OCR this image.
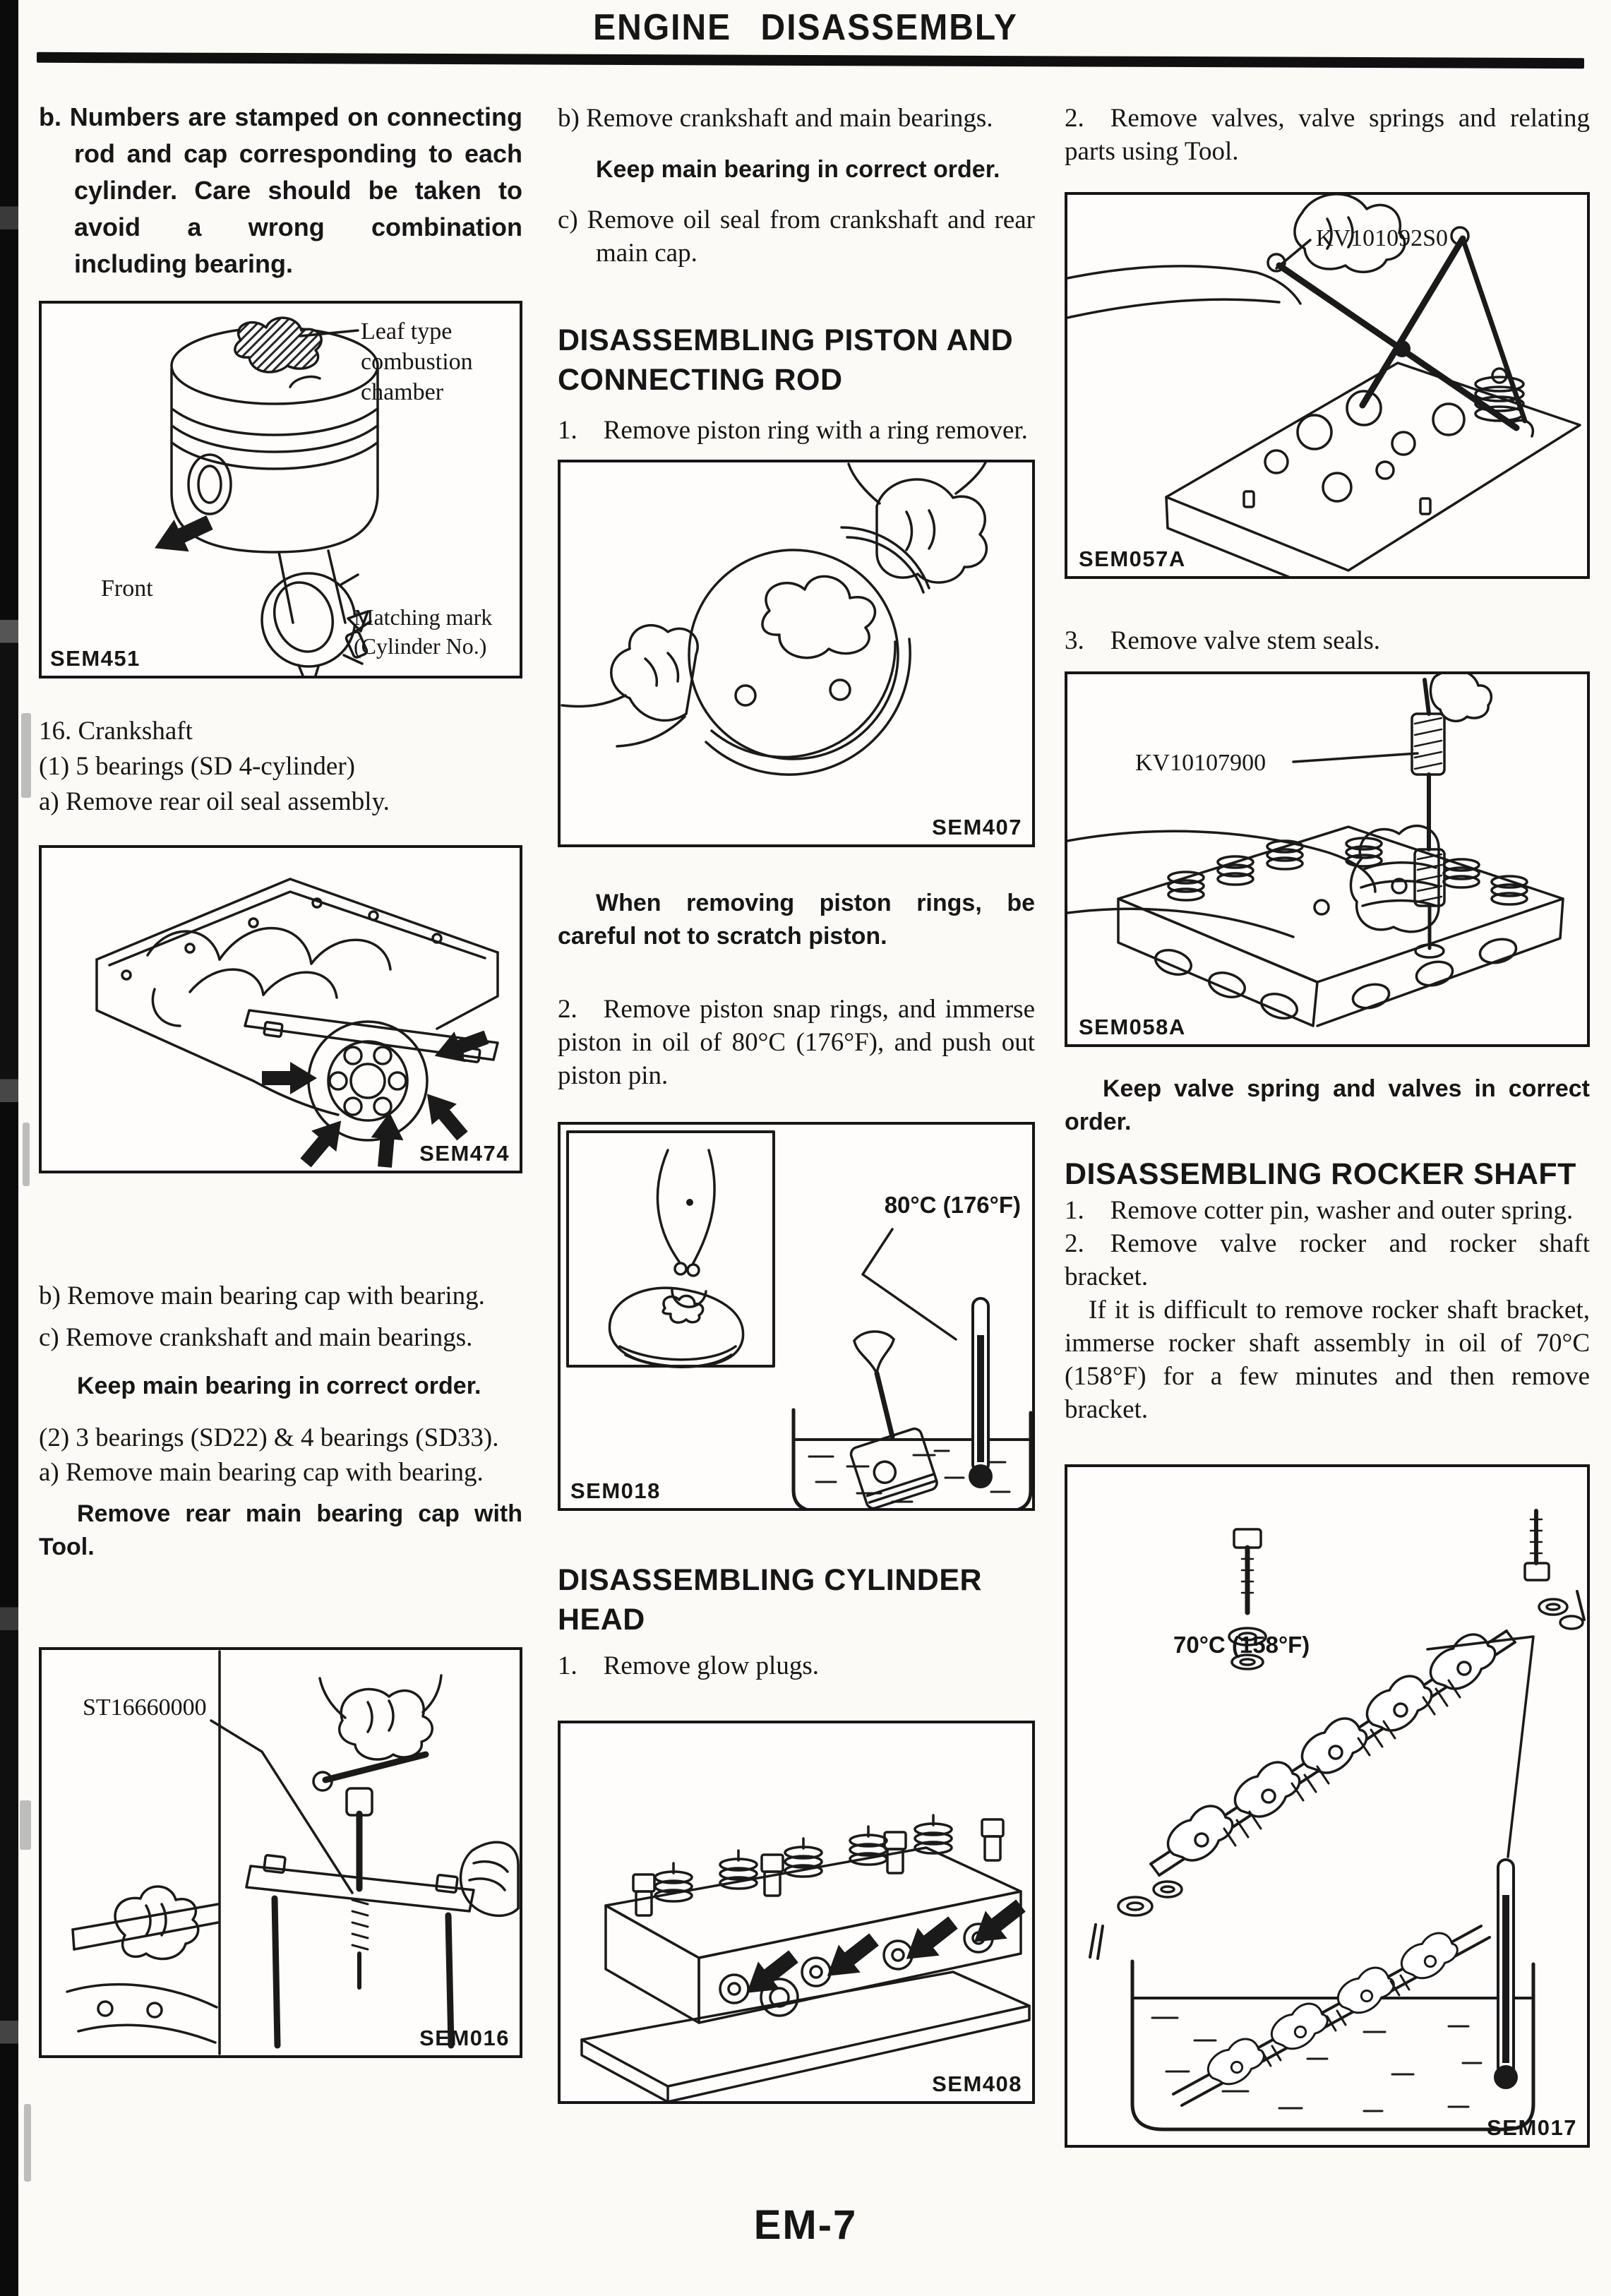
ENGINE DISASSEMBLY

b. Numbers are stamped on connecting rod and cap corresponding to each cylinder. Care should be taken to avoid a wrong combination including bearing.

Leaf type combustion chamber
Front
Matching mark (Cylinder No.)
SEM451

16. Crankshaft

(1) 5 bearings (SD 4-cylinder)

a) Remove rear oil seal assembly.

SEM474

b) Remove main bearing cap with bearing.

c) Remove crankshaft and main bearings.

Keep main bearing in correct order.

(2) 3 bearings (SD22) & 4 bearings (SD33).

a) Remove main bearing cap with bearing.

Remove rear main bearing cap with Tool.

ST16660000
SEM016

b) Remove crankshaft and main bearings.

Keep main bearing in correct order.

c) Remove oil seal from crankshaft and rear main cap.

DISASSEMBLING PISTON AND CONNECTING ROD

1.  Remove piston ring with a ring remover.

SEM407

When removing piston rings, be careful not to scratch piston.

2.  Remove piston snap rings, and immerse piston in oil of 80°C (176°F), and push out piston pin.

80°C (176°F)
SEM018

DISASSEMBLING CYLINDER HEAD

1.  Remove glow plugs.

SEM408

2.  Remove valves, valve springs and relating parts using Tool.

KV101092S0
SEM057A

3.  Remove valve stem seals.

KV10107900
SEM058A

Keep valve spring and valves in correct order.

DISASSEMBLING ROCKER SHAFT

1.  Remove cotter pin, washer and outer spring.

2.  Remove valve rocker and rocker shaft bracket.

If it is difficult to remove rocker shaft bracket, immerse rocker shaft assembly in oil of 70°C (158°F) for a few minutes and then remove bracket.

70°C (158°F)
SEM017
EM-7
